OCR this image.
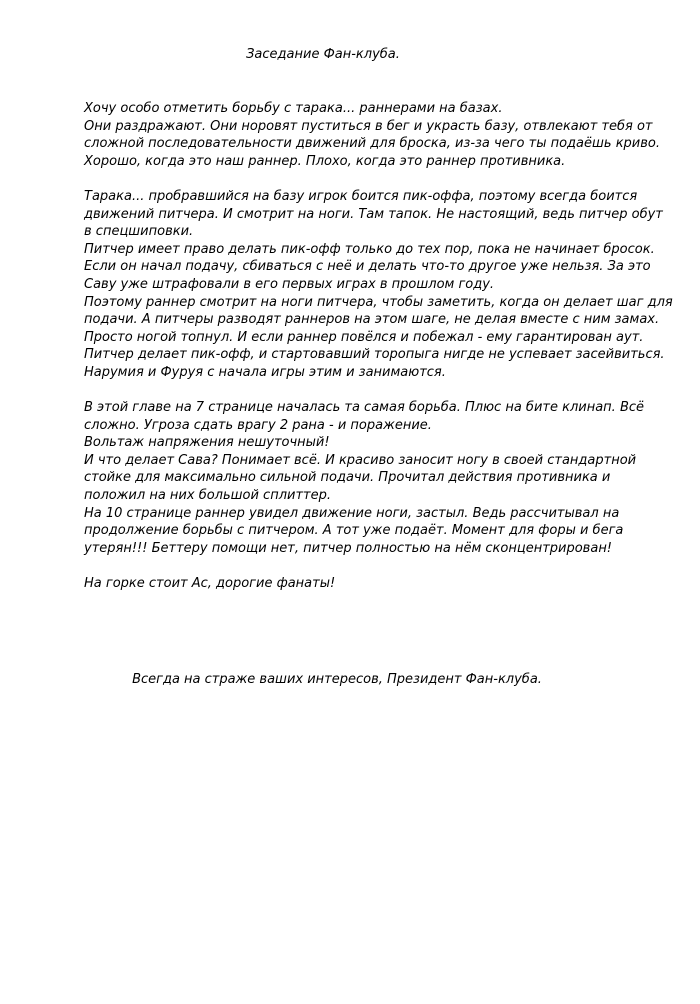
Заседание Фан-клуба.
Хочу особо отметить борьбу с тарака... раннерами на базах.
Они раздражают. Они норовят пуститься в бег и украсть базу, отвлекают тебя от
сложной последовательности движений для броска, из-за чего ты подаёшь криво.
Хорошо, когда это наш раннер. Плохо, когда это раннер противника.
Тарака... пробравшийся на базу игрок боится пик-оффа, поэтому всегда боится
движений питчера. И смотрит на ноги. Там тапок. Не настоящий, ведь питчер обут
в спецшиповки.
Питчер имеет право делать пик-офф только до тех пор, пока не начинает бросок.
Если он начал подачу, сбиваться с неё и делать что-то другое уже нельзя. За это
Саву уже штрафовали в его первых играх в прошлом году.
Поэтому раннер смотрит на ноги питчера, чтобы заметить, когда он делает шаг для
подачи. А питчеры разводят раннеров на этом шаге, не делая вместе с ним замах.
Просто ногой топнул. И если раннер повёлся и побежал - ему гарантирован аут.
Питчер делает пик-офф, и стартовавший торопыга нигде не успевает засейвиться.
Нарумия и Фуруя с начала игры этим и занимаются.
В этой главе на 7 странице началась та самая борьба. Плюс на бите клинап. Всё
сложно. Угроза сдать врагу 2 рана - и поражение.
Вольтаж напряжения нешуточный!
И что делает Сава? Понимает всё. И красиво заносит ногу в своей стандартной
стойке для максимально сильной подачи. Прочитал действия противника и
положил на них большой сплиттер.
На 10 странице раннер увидел движение ноги, застыл. Ведь рассчитывал на
продолжение борьбы с питчером. А тот уже подаёт. Момент для форы и бега
утерян!!! Беттеру помощи нет, питчер полностью на нём сконцентрирован!
На горке стоит Ас, дорогие фанаты!
Всегда на страже ваших интересов, Президент Фан-клуба.
